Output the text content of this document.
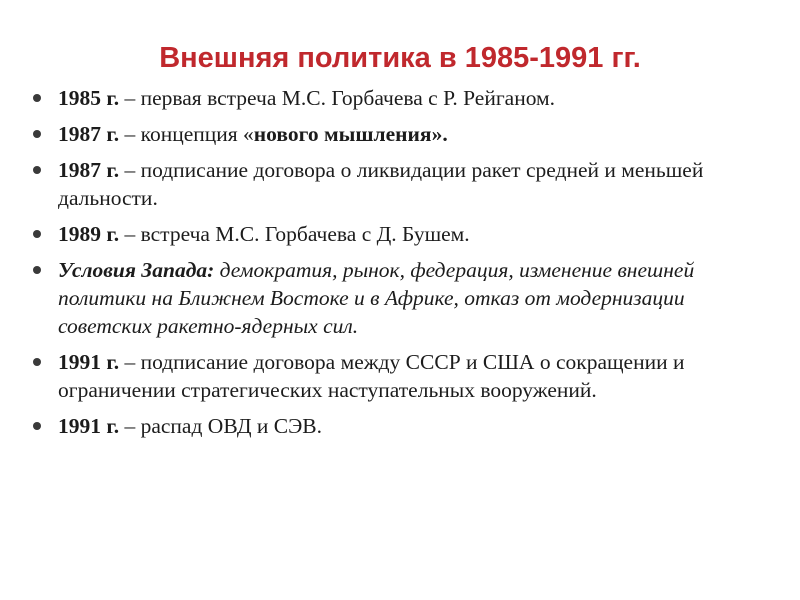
Внешняя политика в 1985-1991 гг.
1985 г. – первая встреча М.С. Горбачева с Р. Рейганом.
1987 г. – концепция «нового мышления».
1987 г. – подписание договора о ликвидации ракет средней и меньшей дальности.
1989 г. – встреча М.С. Горбачева с Д. Бушем.
Условия Запада: демократия, рынок, федерация, изменение внешней политики на Ближнем Востоке и в Африке, отказ от модернизации советских ракетно-ядерных сил.
1991 г. – подписание договора между СССР и США о сокращении и ограничении стратегических наступательных вооружений.
1991 г. – распад ОВД и СЭВ.
